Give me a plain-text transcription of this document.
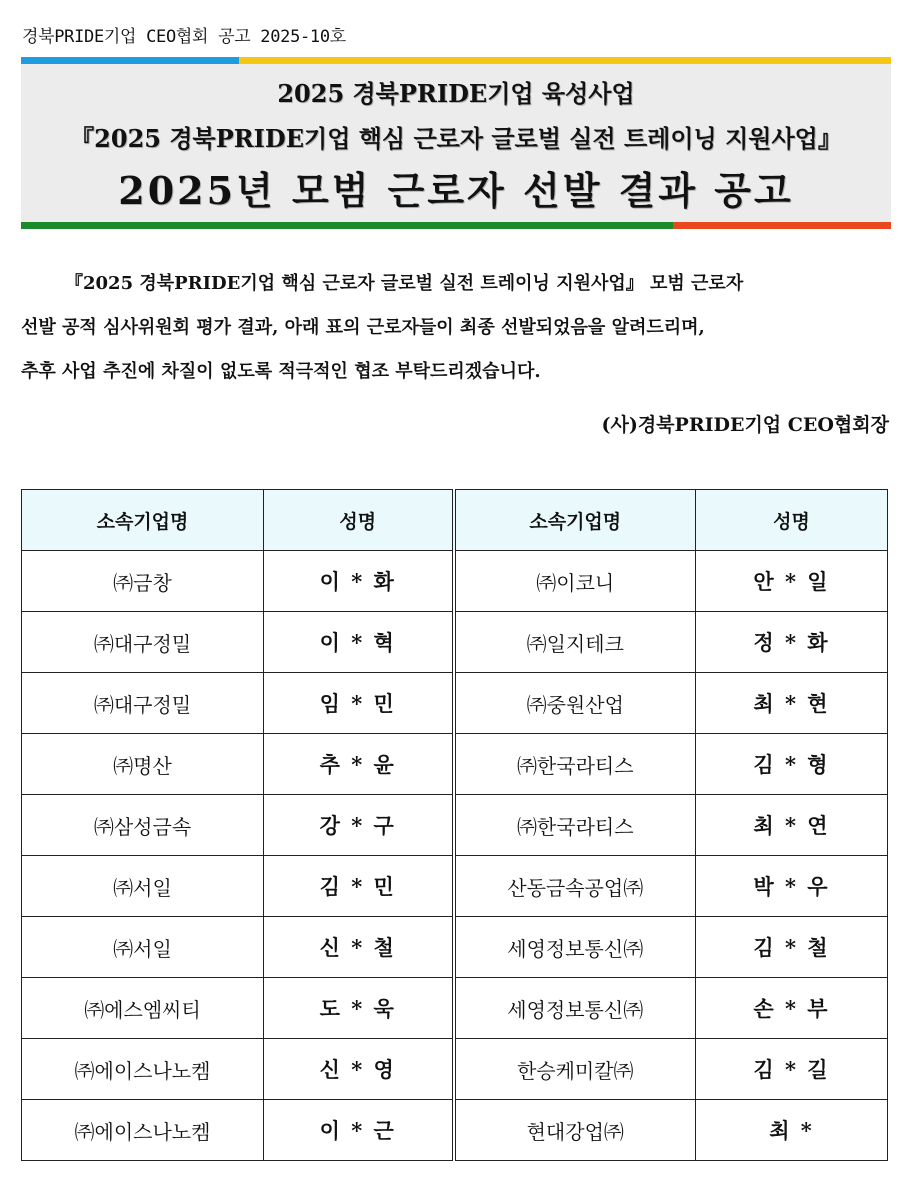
경북PRIDE기업 CEO협회 공고 2025-10호
2025 경북PRIDE기업 육성사업
『2025 경북PRIDE기업 핵심 근로자 글로벌 실전 트레이닝 지원사업』
2025년 모범 근로자 선발 결과 공고
『2025 경북PRIDE기업 핵심 근로자 글로벌 실전 트레이닝 지원사업』 모범 근로자
선발 공적 심사위원회 평가 결과, 아래 표의 근로자들이 최종 선발되었음을 알려드리며,
추후 사업 추진에 차질이 없도록 적극적인 협조 부탁드리겠습니다.
(사)경북PRIDE기업 CEO협회장
소속기업명	성명	소속기업명	성명
㈜금창	이 * 화	㈜이코니	안 * 일
㈜대구정밀	이 * 혁	㈜일지테크	정 * 화
㈜대구정밀	임 * 민	㈜중원산업	최 * 현
㈜명산	추 * 윤	㈜한국라티스	김 * 형
㈜삼성금속	강 * 구	㈜한국라티스	최 * 연
㈜서일	김 * 민	산동금속공업㈜	박 * 우
㈜서일	신 * 철	세영정보통신㈜	김 * 철
㈜에스엠씨티	도 * 욱	세영정보통신㈜	손 * 부
㈜에이스나노켐	신 * 영	한승케미칼㈜	김 * 길
㈜에이스나노켐	이 * 근	현대강업㈜	최 *
